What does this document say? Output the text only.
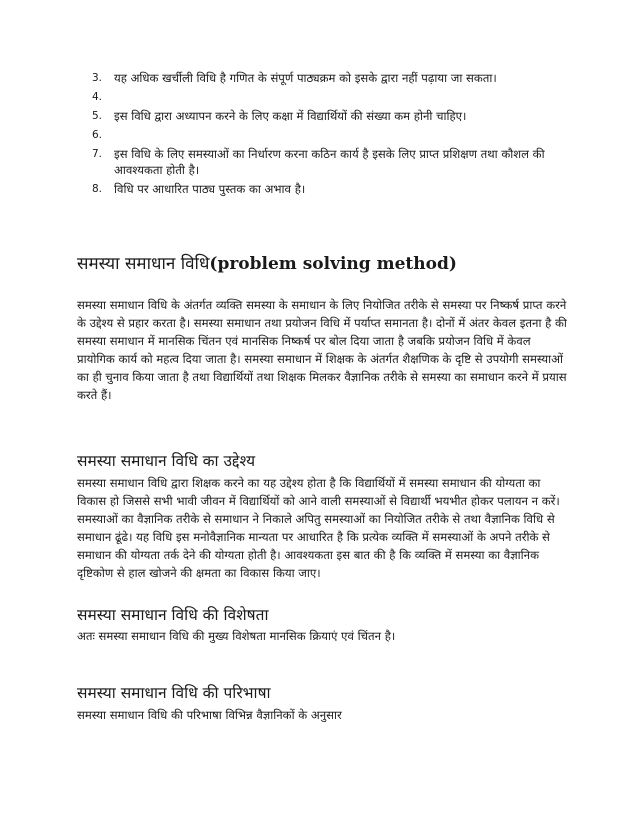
3.	यह अधिक खर्चीली विधि है गणित के संपूर्ण पाठ्यक्रम को इसके द्वारा नहीं पढ़ाया जा सकता।
4.
5.	इस विधि द्वारा अध्यापन करने के लिए कक्षा में विद्यार्थियों की संख्या कम होनी चाहिए।
6.
7.	इस विधि के लिए समस्याओं का निर्धारण करना कठिन कार्य है इसके लिए प्राप्त प्रशिक्षण तथा कौशल की आवश्यकता होती है।
8.	विधि पर आधारित पाठ्य पुस्तक का अभाव है।
समस्या समाधान विधि(problem solving method)

समस्या समाधान विधि के अंतर्गत व्यक्ति समस्या के समाधान के लिए नियोजित तरीके से समस्या पर निष्कर्ष प्राप्त करने के उद्देश्य से प्रहार करता है। समस्या समाधान तथा प्रयोजन विधि में पर्याप्त समानता है। दोनों में अंतर केवल इतना है की समस्या समाधान में मानसिक चिंतन एवं मानसिक निष्कर्ष पर बोल दिया जाता है जबकि प्रयोजन विधि में केवल प्रायोगिक कार्य को महत्व दिया जाता है। समस्या समाधान में शिक्षक के अंतर्गत शैक्षणिक के दृष्टि से उपयोगी समस्याओं का ही चुनाव किया जाता है तथा विद्यार्थियों तथा शिक्षक मिलकर वैज्ञानिक तरीके से समस्या का समाधान करने में प्रयास करते हैं।

समस्या समाधान विधि का उद्देश्य

समस्या समाधान विधि द्वारा शिक्षक करने का यह उद्देश्य होता है कि विद्यार्थियों में समस्या समाधान की योग्यता का विकास हो जिससे सभी भावी जीवन में विद्यार्थियों को आने वाली समस्याओं से विद्यार्थी भयभीत होकर पलायन न करें। समस्याओं का वैज्ञानिक तरीके से समाधान ने निकाले अपितु समस्याओं का नियोजित तरीके से तथा वैज्ञानिक विधि से समाधान ढूंढे। यह विधि इस मनोवैज्ञानिक मान्यता पर आधारित है कि प्रत्येक व्यक्ति में समस्याओं के अपने तरीके से समाधान की योग्यता तर्क देने की योग्यता होती है। आवश्यकता इस बात की है कि व्यक्ति में समस्या का वैज्ञानिक दृष्टिकोण से हाल खोजने की क्षमता का विकास किया जाए।

समस्या समाधान विधि की विशेषता

अतः समस्या समाधान विधि की मुख्य विशेषता मानसिक क्रियाएं एवं चिंतन है।

समस्या समाधान विधि की परिभाषा

समस्या समाधान विधि की परिभाषा विभिन्न वैज्ञानिकों के अनुसार
